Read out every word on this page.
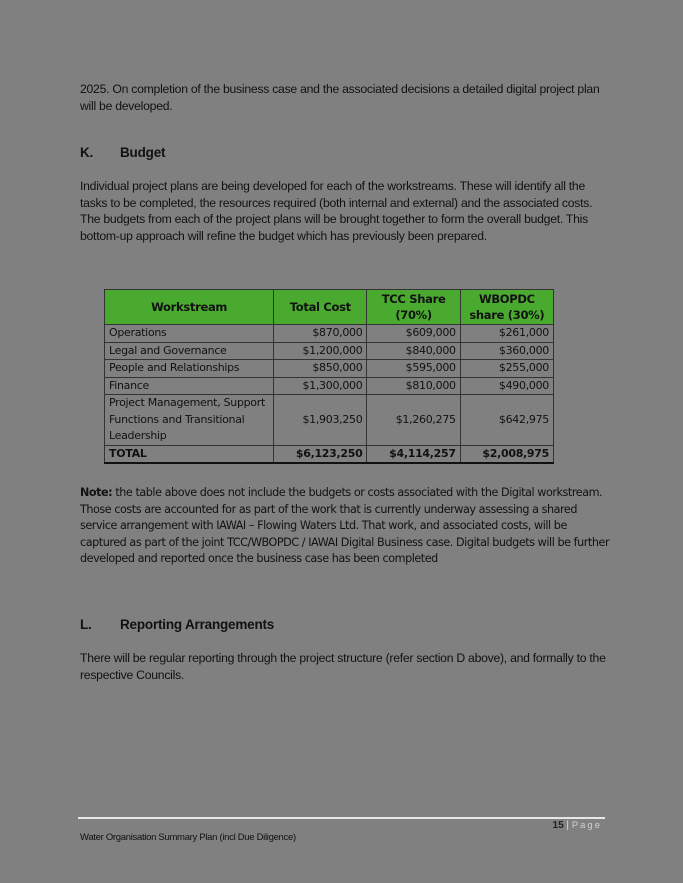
2025. On completion of the business case and the associated decisions a detailed digital project plan will be developed.
K. Budget
Individual project plans are being developed for each of the workstreams. These will identify all the tasks to be completed, the resources required (both internal and external) and the associated costs. The budgets from each of the project plans will be brought together to form the overall budget. This bottom-up approach will refine the budget which has previously been prepared.
Workstream	Total Cost	TCC Share (70%)	WBOPDC share (30%)
Operations	$870,000	$609,000	$261,000
Legal and Governance	$1,200,000	$840,000	$360,000
People and Relationships	$850,000	$595,000	$255,000
Finance	$1,300,000	$810,000	$490,000
Project Management, Support Functions and Transitional Leadership	$1,903,250	$1,260,275	$642,975
TOTAL	$6,123,250	$4,114,257	$2,008,975
Note: the table above does not include the budgets or costs associated with the Digital workstream. Those costs are accounted for as part of the work that is currently underway assessing a shared service arrangement with IAWAI – Flowing Waters Ltd. That work, and associated costs, will be captured as part of the joint TCC/WBOPDC / IAWAI Digital Business case. Digital budgets will be further developed and reported once the business case has been completed
L. Reporting Arrangements
There will be regular reporting through the project structure (refer section D above), and formally to the respective Councils.
15 | Page
Water Organisation Summary Plan (incl Due Diligence)
